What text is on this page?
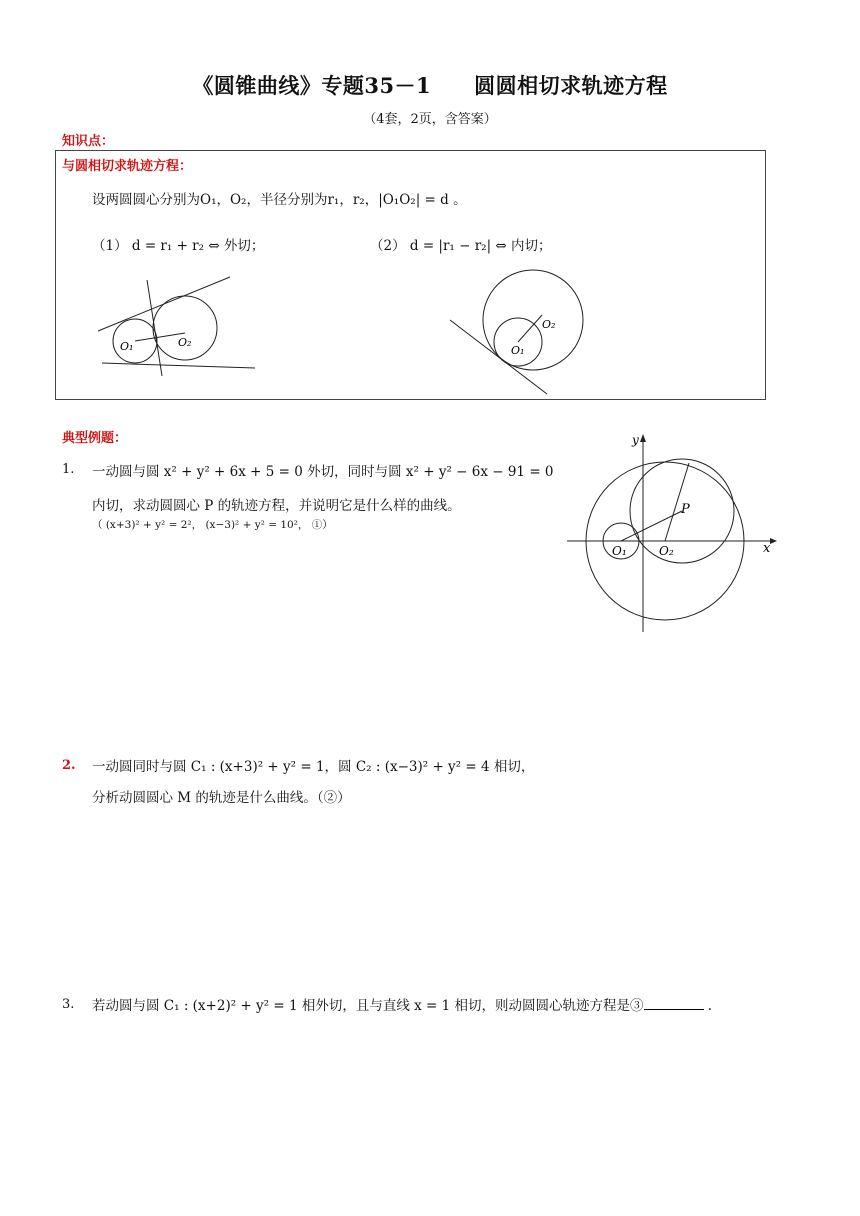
《圆锥曲线》专题35－1　　圆圆相切求轨迹方程
（4套，2页，含答案）
知识点：
与圆相切求轨迹方程：
设两圆圆心分别为O₁，O₂，半径分别为r₁，r₂，|O₁O₂| = d 。
（1） d = r₁ + r₂ ⇔ 外切；	（2） d = |r₁ − r₂| ⇔ 内切；
O₁	O₂
O₁
O₂
典型例题：
1. 一动圆与圆 x² + y² + 6x + 5 = 0 外切，同时与圆 x² + y² − 6x − 91 = 0
内切，求动圆圆心 P 的轨迹方程，并说明它是什么样的曲线。
（ (x+3)² + y² = 2²， (x−3)² + y² = 10²， ①）
y
x
P
O₁	O₂
2. 一动圆同时与圆 C₁ : (x+3)² + y² = 1，圆 C₂ : (x−3)² + y² = 4 相切，
分析动圆圆心 M 的轨迹是什么曲线。（②）
3. 若动圆与圆 C₁ : (x+2)² + y² = 1 相外切，且与直线 x = 1 相切，则动圆圆心轨迹方程是③	.
